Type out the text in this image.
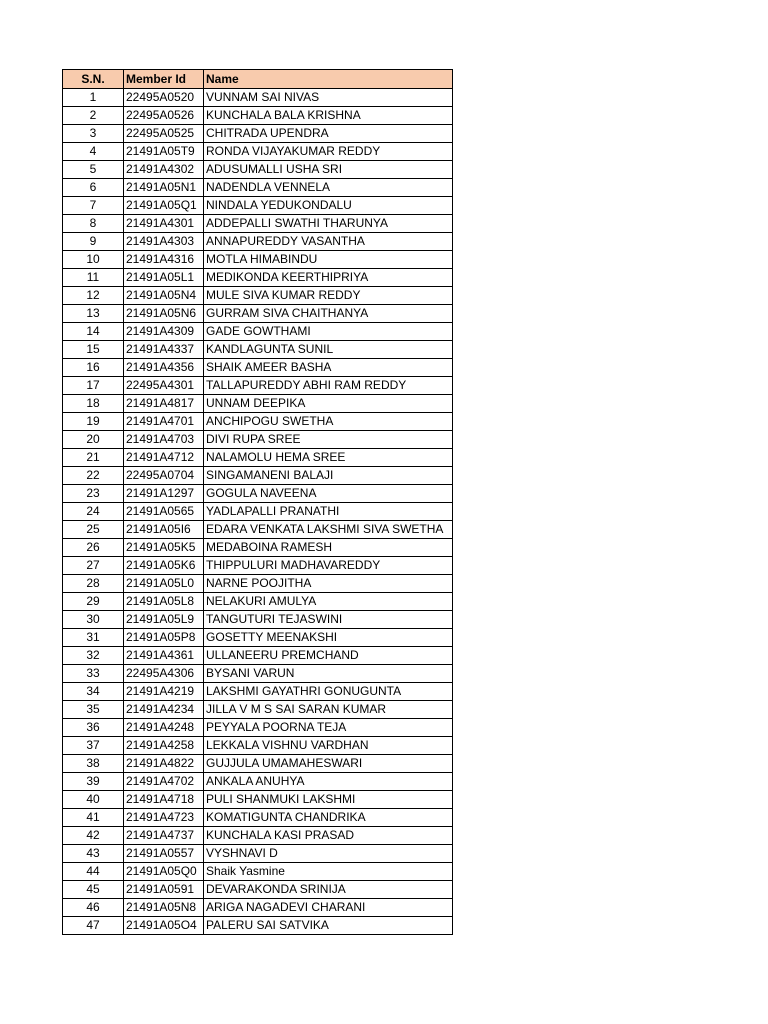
S.N.	Member Id	Name
1	22495A0520	VUNNAM SAI NIVAS
2	22495A0526	KUNCHALA BALA KRISHNA
3	22495A0525	CHITRADA UPENDRA
4	21491A05T9	RONDA VIJAYAKUMAR REDDY
5	21491A4302	ADUSUMALLI USHA SRI
6	21491A05N1	NADENDLA VENNELA
7	21491A05Q1	NINDALA YEDUKONDALU
8	21491A4301	ADDEPALLI SWATHI THARUNYA
9	21491A4303	ANNAPUREDDY VASANTHA
10	21491A4316	MOTLA HIMABINDU
11	21491A05L1	MEDIKONDA KEERTHIPRIYA
12	21491A05N4	MULE SIVA KUMAR REDDY
13	21491A05N6	GURRAM SIVA CHAITHANYA
14	21491A4309	GADE GOWTHAMI
15	21491A4337	KANDLAGUNTA SUNIL
16	21491A4356	SHAIK AMEER BASHA
17	22495A4301	TALLAPUREDDY ABHI RAM REDDY
18	21491A4817	UNNAM DEEPIKA
19	21491A4701	ANCHIPOGU SWETHA
20	21491A4703	DIVI RUPA SREE
21	21491A4712	NALAMOLU HEMA SREE
22	22495A0704	SINGAMANENI BALAJI
23	21491A1297	GOGULA NAVEENA
24	21491A0565	YADLAPALLI PRANATHI
25	21491A05I6	EDARA VENKATA LAKSHMI SIVA SWETHA
26	21491A05K5	MEDABOINA RAMESH
27	21491A05K6	THIPPULURI MADHAVAREDDY
28	21491A05L0	NARNE POOJITHA
29	21491A05L8	NELAKURI AMULYA
30	21491A05L9	TANGUTURI TEJASWINI
31	21491A05P8	GOSETTY MEENAKSHI
32	21491A4361	ULLANEERU PREMCHAND
33	22495A4306	BYSANI VARUN
34	21491A4219	LAKSHMI GAYATHRI GONUGUNTA
35	21491A4234	JILLA V M S SAI SARAN KUMAR
36	21491A4248	PEYYALA POORNA TEJA
37	21491A4258	LEKKALA VISHNU VARDHAN
38	21491A4822	GUJJULA UMAMAHESWARI
39	21491A4702	ANKALA ANUHYA
40	21491A4718	PULI SHANMUKI LAKSHMI
41	21491A4723	KOMATIGUNTA CHANDRIKA
42	21491A4737	KUNCHALA KASI PRASAD
43	21491A0557	VYSHNAVI D
44	21491A05Q0	Shaik Yasmine
45	21491A0591	DEVARAKONDA SRINIJA
46	21491A05N8	ARIGA NAGADEVI CHARANI
47	21491A05O4	PALERU SAI SATVIKA
